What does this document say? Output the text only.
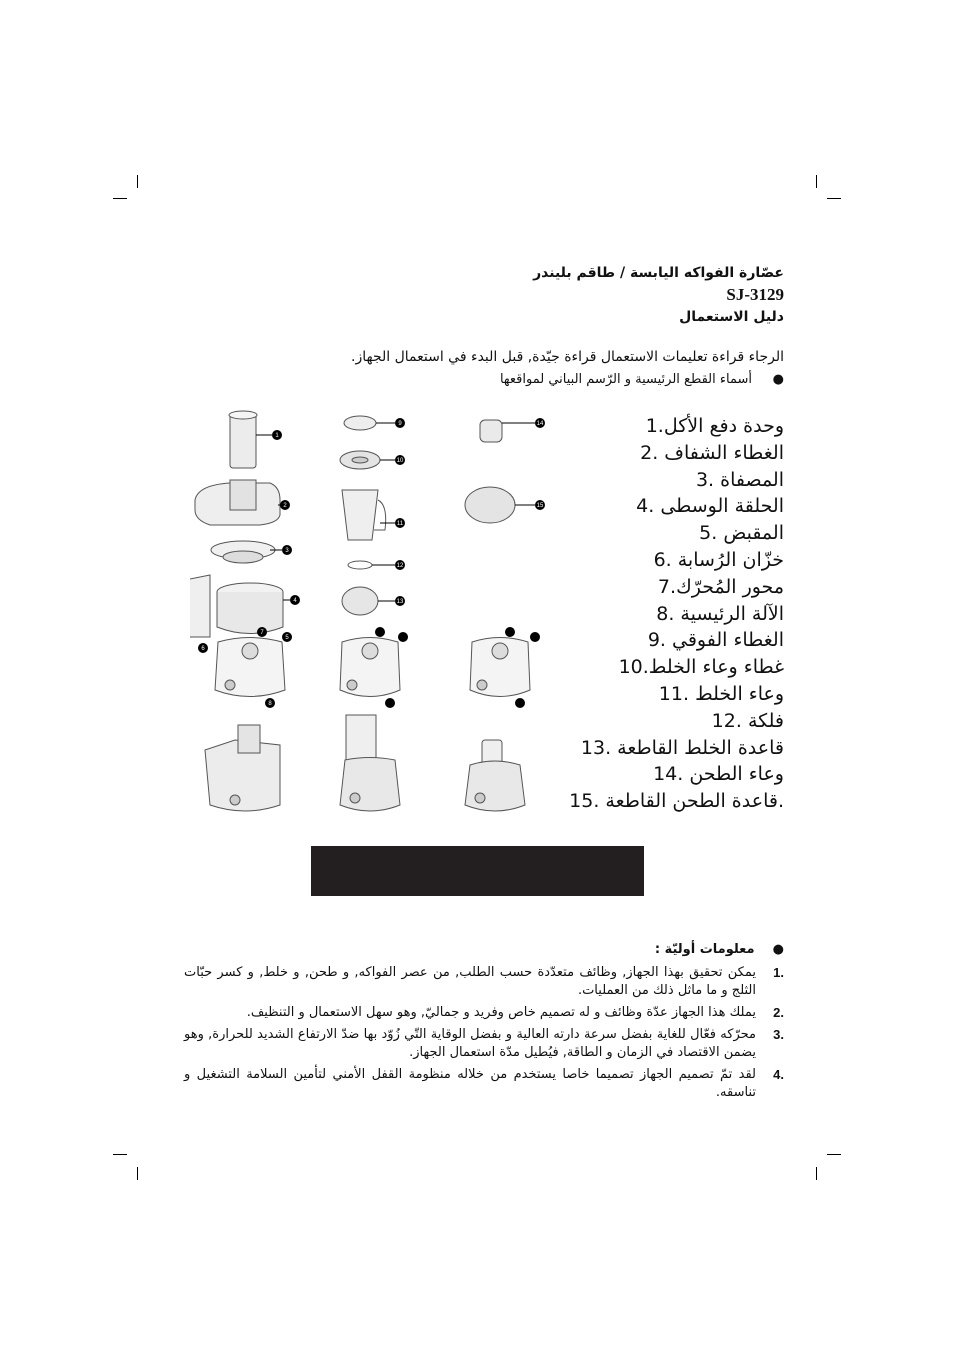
عصّارة الفواكه اليابسة / طاقم بليندر
SJ-3129
دليل الاستعمال
الرجاء قراءة تعليمات الاستعمال قراءة جيّدة, قبل البدء في استعمال الجهاز.
●     أسماء القطع الرئيسية و الرّسم البياني لمواقعها
1
2
3
4
5
6
7
8
9
10
11
12
13
14
15
1.وحدة دفع الأكل
2. الغطاء الشفاف
3. المصفاة
4. الحلقة الوسطى
5. المقبض
6. خزّان الرُسابة
7.محور المُحرّك
8. الآلة الرئيسية
9. الغطاء الفوقي
10.غطاء وعاء الخلط
11. وعاء الخلط
12. فلكة
13. قاعدة الخلط القاطعة
14. وعاء الطحن
15. قاعدة الطحن القاطعة.
●    معلومات أوليّة :
1.
يمكن تحقيق بهذا الجهاز, وظائف متعدّدة حسب الطلب, من عصر الفواكه, و طحن, و خلط, و كسر حبّات الثلج و ما ماثل ذلك من العمليات.
2.
يملك هذا الجهاز عدّة وظائف و له تصميم خاص وفريد و جماليّ, وهو سهل الاستعمال و التنظيف.
3.
محرّكه فعّال للغاية بفضل سرعة دارته العالية و بفضل الوقاية التّي زُوّد بها ضدّ الارتفاع الشديد للحرارة, وهو يضمن الاقتصاد في الزمان و الطاقة, فيُطيل مدّة استعمال الجهاز.
4.
لقد تمّ تصميم الجهاز تصميما خاصا يستخدم من خلاله منظومة القفل الأمني لتأمين السلامة التشغيل و تناسقه.
